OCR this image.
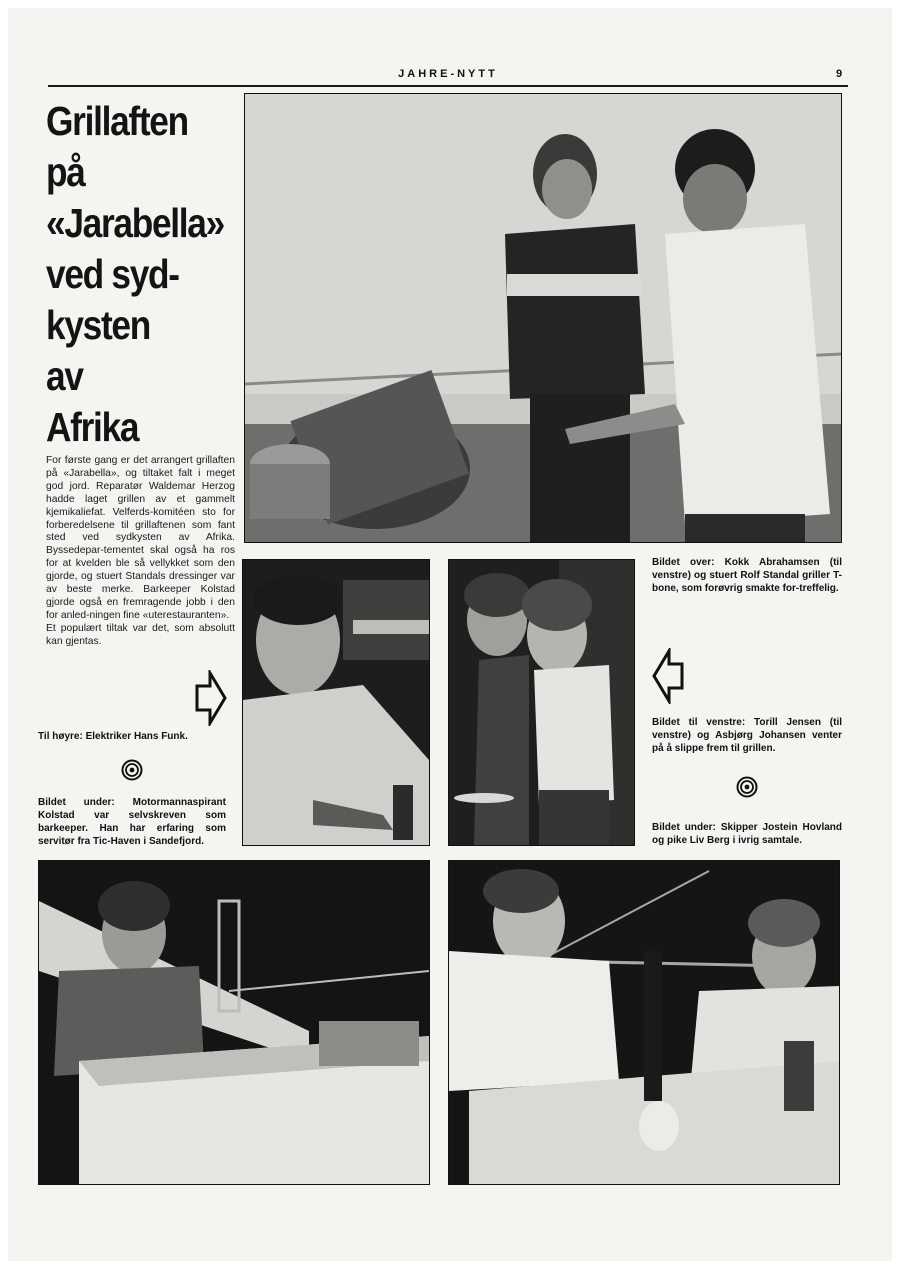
JAHRE-NYTT	9
Grillaften
på
«Jarabella»
ved syd-
kysten
av
Afrika
For første gang er det arrangert grillaften på «Jarabella», og tiltaket falt i meget god jord. Reparatør Waldemar Herzog hadde laget grillen av et gammelt kjemikaliefat. Velferds-komitéen sto for forberedelsene til grillaftenen som fant sted ved sydkysten av Afrika. Byssedepar-tementet skal også ha ros for at kvelden ble så vellykket som den gjorde, og stuert Standals dressinger var av beste merke. Barkeeper Kolstad gjorde også en fremragende jobb i den for anled-ningen fine «uterestauranten».
Et populært tiltak var det, som absolutt kan gjentas.
Bildet over: Kokk Abrahamsen (til venstre) og stuert Rolf Standal griller T-bone, som forøvrig smakte for-treffelig.
Til høyre: Elektriker Hans Funk.
Bildet under: Motormannaspirant Kolstad var selvskreven som barkeeper. Han har erfaring som servitør fra Tic-Haven i Sandefjord.
Bildet til venstre: Torill Jensen (til venstre) og Asbjørg Johansen venter på å slippe frem til grillen.
Bildet under: Skipper Jostein Hovland og pike Liv Berg i ivrig samtale.
